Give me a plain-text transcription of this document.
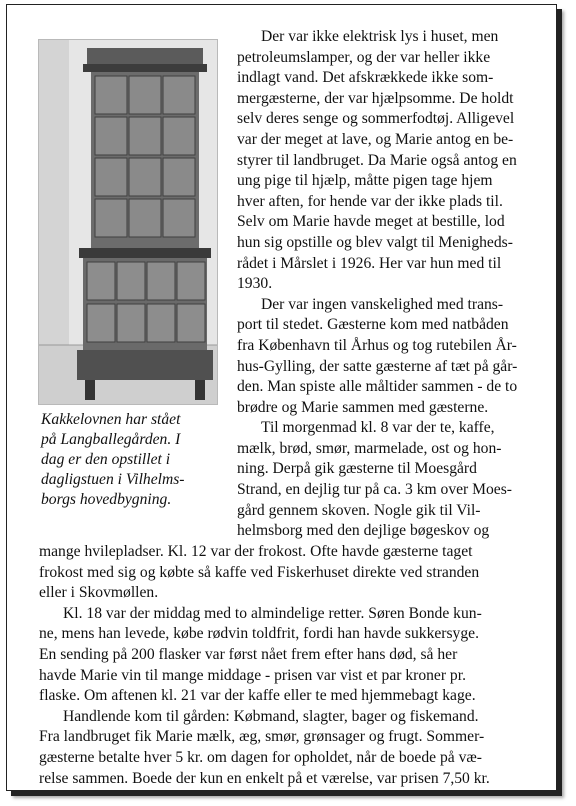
Kakkelovnen har stået
på Langballegården. I
dag er den opstillet i
dagligstuen i Vilhelms-
borgs hovedbygning.

Der var ikke elektrisk lys i huset, men
petroleumslamper, og der var heller ikke
indlagt vand. Det afskrækkede ikke som-
mergæsterne, der var hjælpsomme. De holdt
selv deres senge og sommerfodtøj. Alligevel
var der meget at lave, og Marie antog en be-
styrer til landbruget. Da Marie også antog en
ung pige til hjælp, måtte pigen tage hjem
hver aften, for hende var der ikke plads til.
Selv om Marie havde meget at bestille, lod
hun sig opstille og blev valgt til Menigheds-
rådet i Mårslet i 1926. Her var hun med til
1930.

Der var ingen vanskelighed med trans-
port til stedet. Gæsterne kom med natbåden
fra København til Århus og tog rutebilen År-
hus-Gylling, der satte gæsterne af tæt på går-
den. Man spiste alle måltider sammen - de to
brødre og Marie sammen med gæsterne.

Til morgenmad kl. 8 var der te, kaffe,
mælk, brød, smør, marmelade, ost og hon-
ning. Derpå gik gæsterne til Moesgård
Strand, en dejlig tur på ca. 3 km over Moes-
gård gennem skoven. Nogle gik til Vil-
helmsborg med den dejlige bøgeskov og

mange hvilepladser. Kl. 12 var der frokost. Ofte havde gæsterne taget
frokost med sig og købte så kaffe ved Fiskerhuset direkte ved stranden
eller i Skovmøllen.

Kl. 18 var der middag med to almindelige retter. Søren Bonde kun-
ne, mens han levede, købe rødvin toldfrit, fordi han havde sukkersyge.
En sending på 200 flasker var først nået frem efter hans død, så her
havde Marie vin til mange middage - prisen var vist et par kroner pr.
flaske. Om aftenen kl. 21 var der kaffe eller te med hjemmebagt kage.

Handlende kom til gården: Købmand, slagter, bager og fiskemand.
Fra landbruget fik Marie mælk, æg, smør, grønsager og frugt. Sommer-
gæsterne betalte hver 5 kr. om dagen for opholdet, når de boede på væ-
relse sammen. Boede der kun en enkelt på et værelse, var prisen 7,50 kr.
